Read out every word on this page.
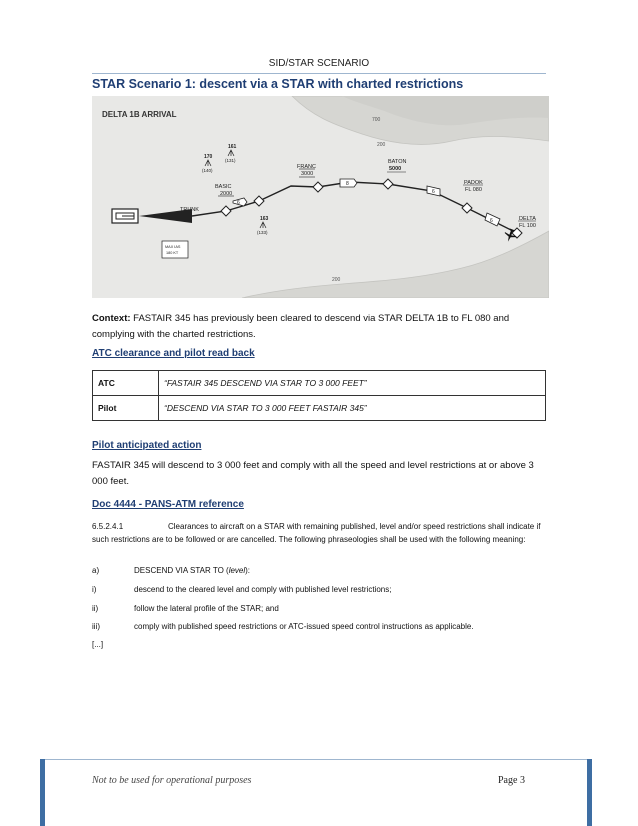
SID/STAR SCENARIO
STAR Scenario 1: descent via a STAR with charted restrictions
DELTA 1B ARRIVAL
700
200
200
TRUNK
BASIC
2000
FRANC
3000
BATON
5000
PADOK
FL 080
DELTA
FL 100
6
8
6
6
170
(140)
161
(131)
163
(133)
MAX IAS
180 KT
Context: FASTAIR 345 has previously been cleared to descend via STAR DELTA 1B to FL 080 and complying with the charted restrictions.
ATC clearance and pilot read back
ATC	“FASTAIR 345 DESCEND VIA STAR TO 3 000 FEET”
Pilot	“DESCEND VIA STAR TO 3 000 FEET FASTAIR 345”
Pilot anticipated action
FASTAIR 345 will descend to 3 000 feet and comply with all the speed and level restrictions at or above 3 000 feet.
Doc 4444 - PANS-ATM reference
6.5.2.4.1	Clearances to aircraft on a STAR with remaining published, level and/or speed restrictions shall indicate if such restrictions are to be followed or are cancelled. The following phraseologies shall be used with the following meaning:
a)	DESCEND VIA STAR TO (level):
i)	descend to the cleared level and comply with published level restrictions;
ii)	follow the lateral profile of the STAR; and
iii)	comply with published speed restrictions or ATC-issued speed control instructions as applicable.
[...]
Not to be used for operational purposes	Page 3
